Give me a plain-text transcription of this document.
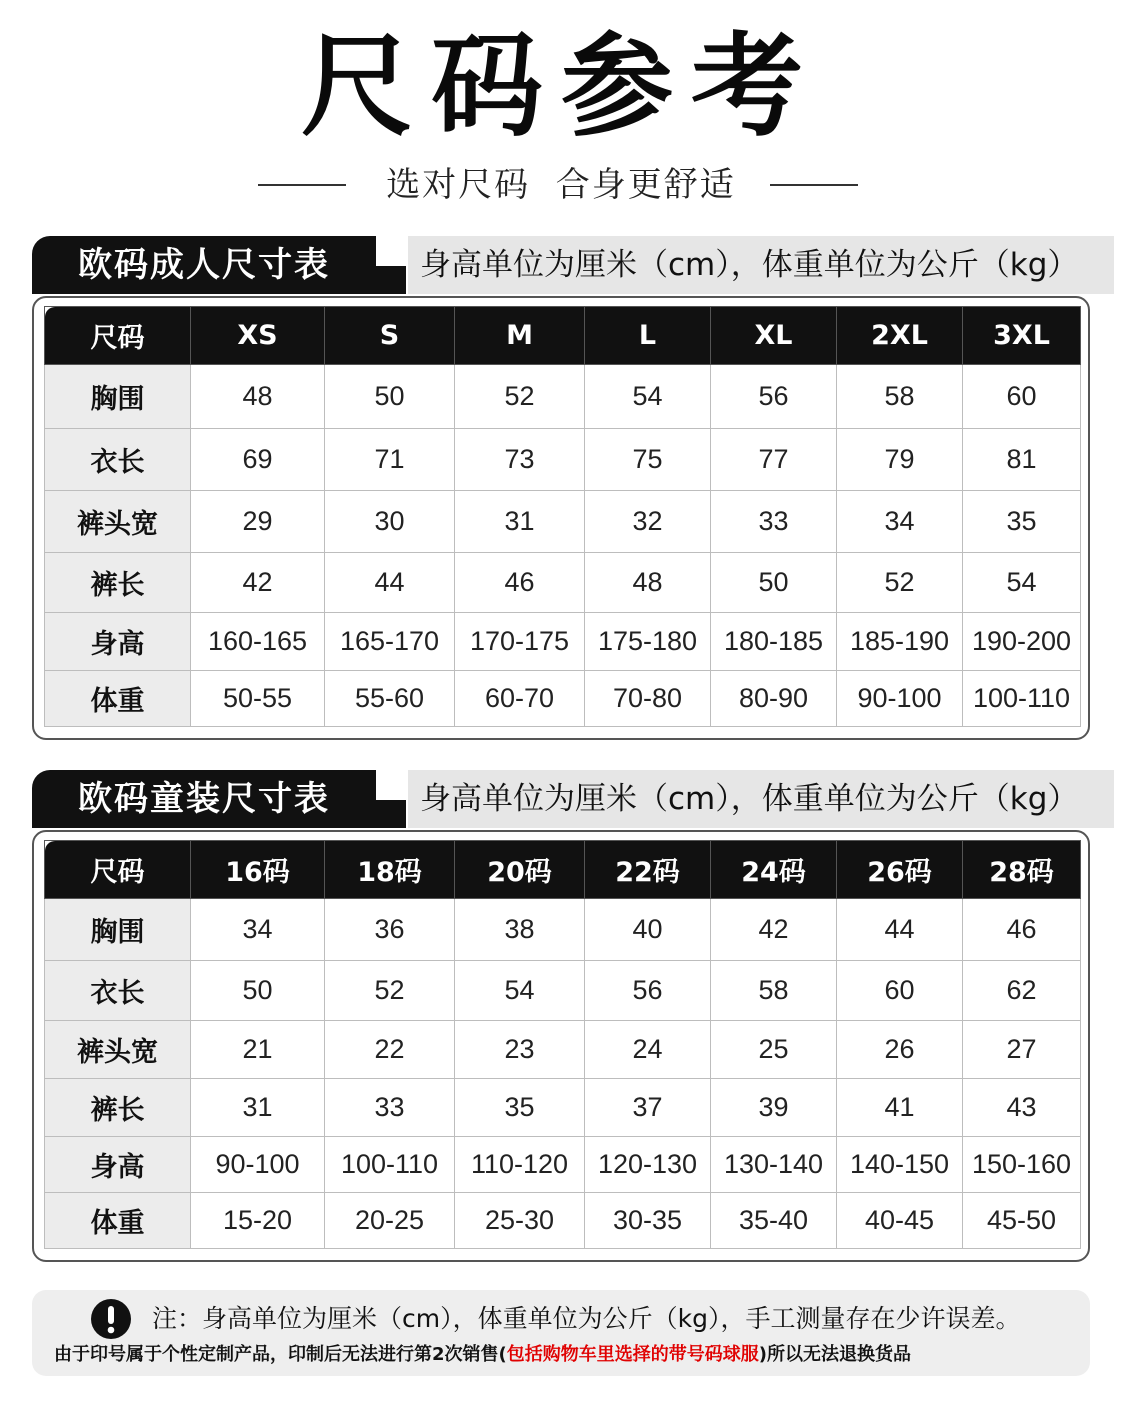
尺码参考
选对尺码  合身更舒适
欧码成人尺寸表	身高单位为厘米（cm），体重单位为公斤（kg）
尺码	XS	S	M	L	XL	2XL	3XL
胸围	48	50	52	54	56	58	60
衣长	69	71	73	75	77	79	81
裤头宽	29	30	31	32	33	34	35
裤长	42	44	46	48	50	52	54
身高	160-165	165-170	170-175	175-180	180-185	185-190	190-200
体重	50-55	55-60	60-70	70-80	80-90	90-100	100-110
欧码童装尺寸表	身高单位为厘米（cm），体重单位为公斤（kg）
尺码	16码	18码	20码	22码	24码	26码	28码
胸围	34	36	38	40	42	44	46
衣长	50	52	54	56	58	60	62
裤头宽	21	22	23	24	25	26	27
裤长	31	33	35	37	39	41	43
身高	90-100	100-110	110-120	120-130	130-140	140-150	150-160
体重	15-20	20-25	25-30	30-35	35-40	40-45	45-50
注：身高单位为厘米（cm），体重单位为公斤（kg），手工测量存在少许误差。
由于印号属于个性定制产品，印制后无法进行第2次销售(包括购物车里选择的带号码球服)所以无法退换货品
